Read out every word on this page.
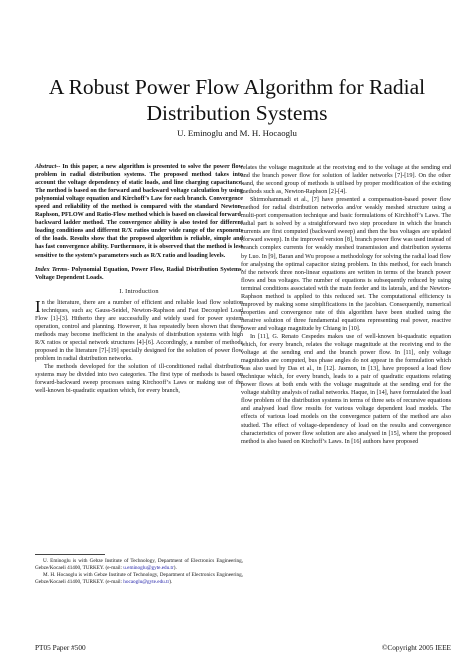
A Robust Power Flow Algorithm for Radial
Distribution Systems
U. Eminoglu and M. H. Hocaoglu

Abstract-- In this paper, a new algorithm is presented to solve the power flow problem in radial distribution systems. The proposed method takes into account the voltage dependency of static loads, and line charging capacitance. The method is based on the forward and backward voltage calculation by using polynomial voltage equation and Kirchoff’s Law for each branch. Convergence speed and reliability of the method is compared with the standard Newton-Raphson, PFLOW and Ratio-Flow method which is based on classical forward-backward ladder method. The convergence ability is also tested for different loading conditions and different R/X ratios under wide range of the exponents of the loads. Results show that the proposed algorithm is reliable, simple and has fast convergence ability. Furthermore, it is observed that the method is less sensitive to the system’s parameters such as R/X ratio and loading levels.

Index Terms- Polynomial Equation, Power Flow, Radial Distribution Systems, Voltage Dependent Loads.

I. Introduction

In the literature, there are a number of efficient and reliable load flow solution techniques, such as; Gauss-Seidel, Newton-Raphson and Fast Decoupled Load Flow [1]-[3]. Hitherto they are successfully and widely used for power system operation, control and planning. However, it has repeatedly been shown that these methods may become inefficient in the analysis of distribution systems with high R/X ratios or special network structures [4]-[6]. Accordingly, a number of methods proposed in the literature [7]-[19] specially designed for the solution of power flow problem in radial distribution networks.

The methods developed for the solution of ill-conditioned radial distribution systems may be divided into two categories. The first type of methods is based on forward-backward sweep processes using Kirchooff’s Laws or making use of the well-known bi-quadratic equation which, for every branch,

relates the voltage magnitude at the receiving end to the voltage at the sending end and the branch power flow for solution of ladder networks [7]-[19]. On the other hand, the second group of methods is utilised by proper modification of the existing methods such as, Newton-Raphson [2]-[4].

Shirmohammadi et al., [7] have presented a compensation-based power flow method for radial distribution networks and/or weakly meshed structure using a multi-port compensation technique and basic formulations of Kirchhoff’s Laws. The radial part is solved by a straightforward two step procedure in which the branch currents are first computed (backward sweep) and then the bus voltages are updated (forward sweep). In the improved version [8], branch power flow was used instead of branch complex currents for weakly meshed transmission and distribution systems by Luo. In [9], Baran and Wu propose a methodology for solving the radial load flow for analysing the optimal capacitor sizing problem. In this method, for each branch of the network three non-linear equations are written in terms of the branch power flows and bus voltages. The number of equations is subsequently reduced by using terminal conditions associated with the main feeder and its laterals, and the Newton-Raphson method is applied to this reduced set. The computational efficiency is improved by making some simplifications in the jacobian. Consequently, numerical properties and convergence rate of this algorithm have been studied using the iterative solution of three fundamental equations representing real power, reactive power and voltage magnitude by Chiang in [10].

In [11], G. Renato Cespedes makes use of well-known bi-quadratic equation which, for every branch, relates the voltage magnitude at the receiving end to the voltage at the sending end and the branch power flow. In [11], only voltage magnitudes are computed, bus phase angles do not appear in the formulation which was also used by Das et al., in [12]. Jasmon, in [13], have proposed a load flow technique which, for every branch, leads to a pair of quadratic equations relating power flows at both ends with the voltage magnitude at the sending end for the voltage stability analysis of radial networks. Haque, in [14], have formulated the load flow problem of the distribution systems in terms of three sets of recursive equations and analysed load flow results for various voltage dependent load models. The effects of various load models on the convergence pattern of the method are also studied. The effect of voltage-dependency of load on the results and convergence characteristics of power flow solution are also analysed in [15], where the proposed method is also based on Kirchoff’s Laws. In [16] authors have proposed

U. Eminoglu is with Gebze Institute of Technology, Department of Electronics Engineering, Gebze/Kocaeli 41400, TURKEY. (e-mail: u.eminoglu@gyte.edu.tr).

M. H. Hocaoglu is with Gebze Institute of Technology, Department of Electronics Engineering, Gebze/Kocaeli 41400, TURKEY. (e-mail: hocaoglu@gyte.edu.tr).

PT05 Paper #500	©Copyright 2005 IEEE
